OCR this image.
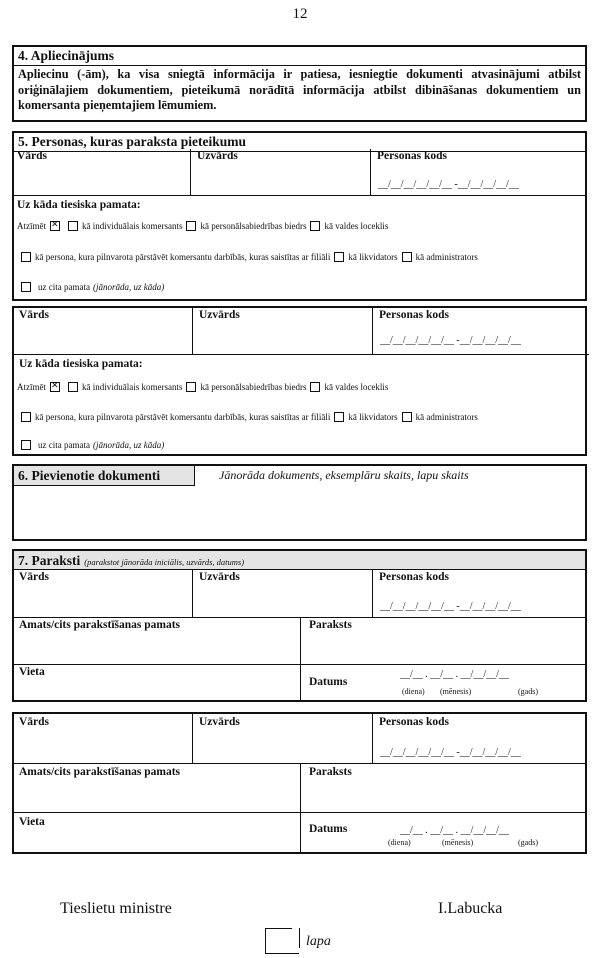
12
4. Apliecinājums
Apliecinu (-ām), ka visa sniegtā informācija ir patiesa, iesniegtie dokumenti atvasinājumi atbilst oriģinālajiem dokumentiem, pieteikumā norādītā informācija atbilst dibināšanas dokumentiem un komersanta pieņemtajiem lēmumiem.
5. Personas, kuras paraksta pieteikumu
Vārds	Uzvārds	Personas kods
__/__/__/__/__/__ -__/__/__/__/__
Uz kāda tiesiska pamata:
Atzīmēt ✕	kā individuālais komersants kā personālsabiedrības biedrs kā valdes loceklis
kā persona, kura pilnvarota pārstāvēt komersantu darbībās, kuras saistītas ar filiāli kā likvidators kā administrators
uz cita pamata (jānorāda, uz kāda)
Vārds	Uzvārds	Personas kods
__/__/__/__/__/__ -__/__/__/__/__
Uz kāda tiesiska pamata:
Atzīmēt ✕	kā individuālais komersants kā personālsabiedrības biedrs kā valdes loceklis
kā persona, kura pilnvarota pārstāvēt komersantu darbībās, kuras saistītas ar filiāli kā likvidators kā administrators
uz cita pamata (jānorāda, uz kāda)
6. Pievienotie dokumenti	Jānorāda dokuments, eksemplāru skaits, lapu skaits
7. Paraksti (parakstot jānorāda iniciālis, uzvārds, datums)
Vārds	Uzvārds	Personas kods
__/__/__/__/__/__ -__/__/__/__/__
Amats/cits parakstīšanas pamats	Paraksts
Vieta
Datums
__/__ . __/__ . __/__/__/__
(diena) (mēnesis)	(gads)
Vārds	Uzvārds	Personas kods
__/__/__/__/__/__ -__/__/__/__/__
Amats/cits parakstīšanas pamats	Paraksts
Vieta
Datums	__/__ . __/__ . __/__/__/__
(diena)	(mēnesis)	(gads)
Tieslietu ministre	I.Labucka
lapa
